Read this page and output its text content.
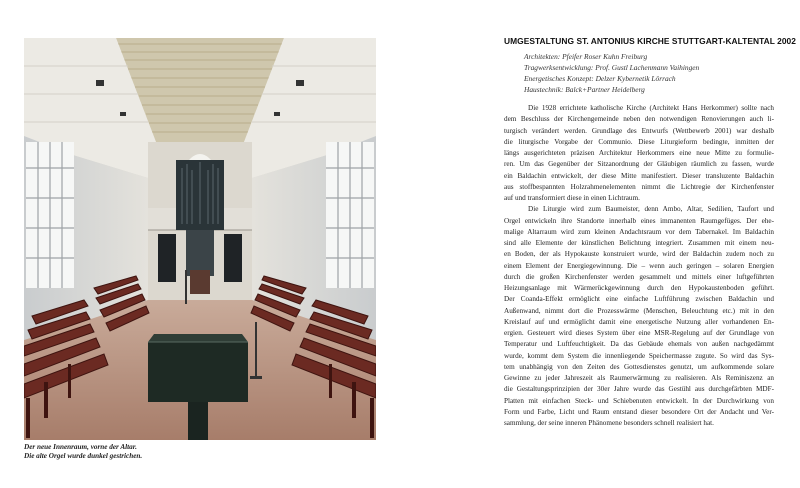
Der neue Innenraum, vorne der Altar.
Die alte Orgel wurde dunkel gestrichen.
UMGESTALTUNG ST. ANTONIUS KIRCHE STUTTGART-KALTENTAL 2002
Architekten: Pfeifer Roser Kuhn Freiburg
Tragwerksentwicklung: Prof. Gustl Lachenmann Vaihingen
Energetisches Konzept: Delzer Kybernetik Lörrach
Haustechnik: Balck+Partner Heidelberg
Die 1928 errichtete katholische Kirche (Architekt Hans Herkommer) sollte nach
dem Beschluss der Kirchengemeinde neben den notwendigen Renovierungen auch li-
turgisch verändert werden. Grundlage des Entwurfs (Wettbewerb 2001) war deshalb
die liturgische Vorgabe der Communio. Diese Liturgieform bedingte, inmitten der
längs ausgerichteten präzisen Architektur Herkommers eine neue Mitte zu formulie-
ren. Um das Gegenüber der Sitzanordnung der Gläubigen räumlich zu fassen, wurde
ein Baldachin entwickelt, der diese Mitte manifestiert. Dieser transluzente Baldachin
aus stoffbespannten Holzrahmenelementen nimmt die Lichtregie der Kirchenfenster
auf und transformiert diese in einen Lichtraum.
Die Liturgie wird zum Baumeister, denn Ambo, Altar, Sedilien, Taufort und
Orgel entwickeln ihre Standorte innerhalb eines immanenten Raumgefüges. Der ehe-
malige Altarraum wird zum kleinen Andachtsraum vor dem Tabernakel. Im Baldachin
sind alle Elemente der künstlichen Belichtung integriert. Zusammen mit einem neu-
en Boden, der als Hypokauste konstruiert wurde, wird der Baldachin zudem noch zu
einem Element der Energiegewinnung. Die – wenn auch geringen – solaren Energien
durch die großen Kirchenfenster werden gesammelt und mittels einer luftgeführten
Heizungsanlage mit Wärmerückgewinnung durch den Hypokaustenboden geführt.
Der Coanda-Effekt ermöglicht eine einfache Luftführung zwischen Baldachin und
Außenwand, nimmt dort die Prozesswärme (Menschen, Beleuchtung etc.) mit in den
Kreislauf auf und ermöglicht damit eine energetische Nutzung aller vorhandenen En-
ergien. Gesteuert wird dieses System über eine MSR-Regelung auf der Grundlage von
Temperatur und Luftfeuchtigkeit. Da das Gebäude ehemals von außen nachgedämmt
wurde, kommt dem System die innenliegende Speichermasse zugute. So wird das Sys-
tem unabhängig von den Zeiten des Gottesdienstes genutzt, um aufkommende solare
Gewinne zu jeder Jahreszeit als Raumerwärmung zu realisieren. Als Reminiszenz an
die Gestaltungsprinzipien der 30er Jahre wurde das Gestühl aus durchgefärbten MDF-
Platten mit einfachen Steck- und Schiebenuten entwickelt. In der Durchwirkung von
Form und Farbe, Licht und Raum entstand dieser besondere Ort der Andacht und Ver-
sammlung, der seine inneren Phänomene besonders schnell realisiert hat.
